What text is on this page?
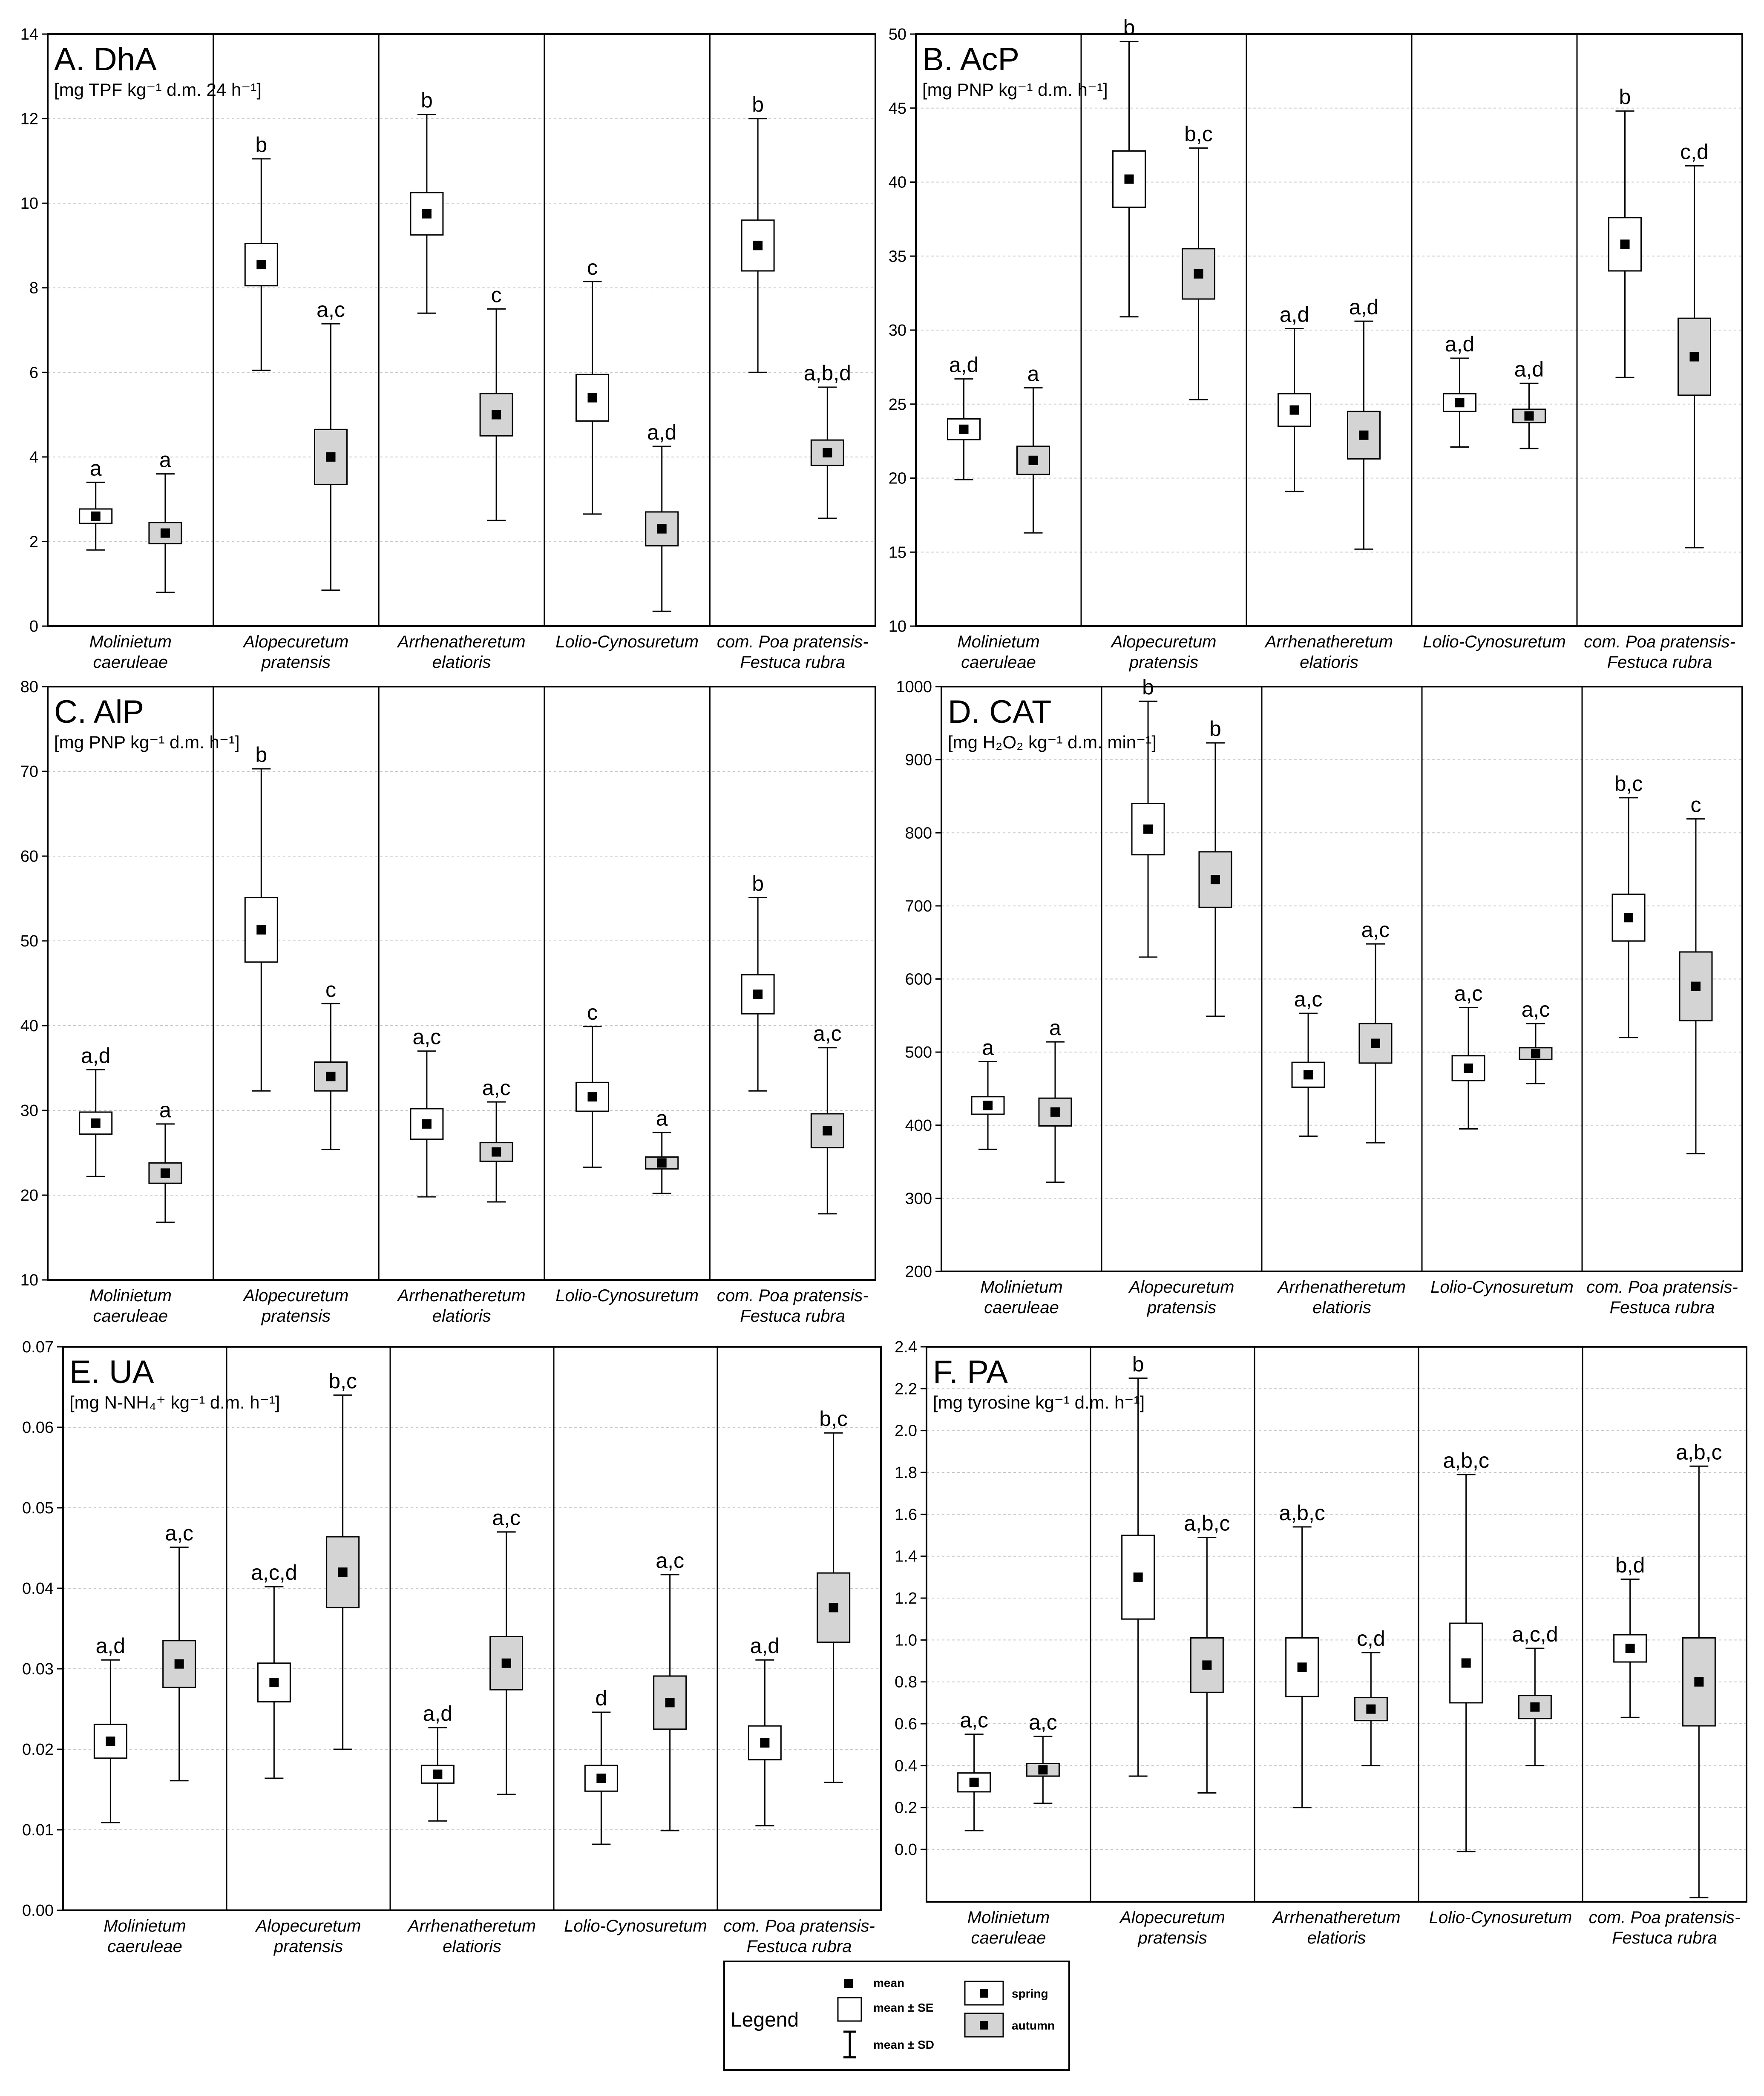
0
2
4
6
8
10
12
14
A. DhA
[mg TPF kg⁻¹ d.m. 24 h⁻¹]
Molinietum
caeruleae
Alopecuretum
pratensis
Arrhenatheretum
elatioris
Lolio-Cynosuretum com. Poa pratensis-
Festuca rubra
a
b
b
c
b
a
a,c
c
a,d
a,b,d
10
15
20
25
30
35
40
45
50
B. AcP
[mg PNP kg⁻¹ d.m. h⁻¹]
Molinietum
caeruleae
Alopecuretum
pratensis
Arrhenatheretum
elatioris
Lolio-Cynosuretum com. Poa pratensis-
Festuca rubra
a,d
b
a,d
a,d
b
a
b,c
a,d
a,d
c,d
10
20
30
40
50
60
70
80
C. AlP
[mg PNP kg⁻¹ d.m. h⁻¹]
Molinietum
caeruleae
Alopecuretum
pratensis
Arrhenatheretum
elatioris
Lolio-Cynosuretum com. Poa pratensis-
Festuca rubra
a,d
b
a,c
c
b
a
c
a,c
a
a,c
200
300
400
500
600
700
800
900
1000
D. CAT
[mg H₂O₂ kg⁻¹ d.m. min⁻¹]
Molinietum
caeruleae
Alopecuretum
pratensis
Arrhenatheretum
elatioris
Lolio-Cynosuretum com. Poa pratensis-
Festuca rubra
a
b
a,c	a,c
b,c
a
b
a,c
a,c
c
0.00
0.01
0.02
0.03
0.04
0.05
0.06
0.07
E. UA
[mg N-NH₄⁺ kg⁻¹ d.m. h⁻¹]
Molinietum
caeruleae
Alopecuretum
pratensis
Arrhenatheretum
elatioris
Lolio-Cynosuretum com. Poa pratensis-
Festuca rubra
a,d
a,c,d
a,d
d
a,d
a,c
b,c
a,c
a,c
b,c
0.0
0.2
0.4
0.6
0.8
1.0
1.2
1.4
1.6
1.8
2.0
2.2
2.4
F. PA
[mg tyrosine kg⁻¹ d.m. h⁻¹]
Molinietum
caeruleae
Alopecuretum
pratensis
Arrhenatheretum
elatioris
Lolio-Cynosuretum com. Poa pratensis-
Festuca rubra
a,c
b
a,b,c
a,b,c
b,d
a,c
a,b,c
c,d	a,c,d
a,b,c
Legend
mean
mean ± SE
mean ± SD
spring
autumn
